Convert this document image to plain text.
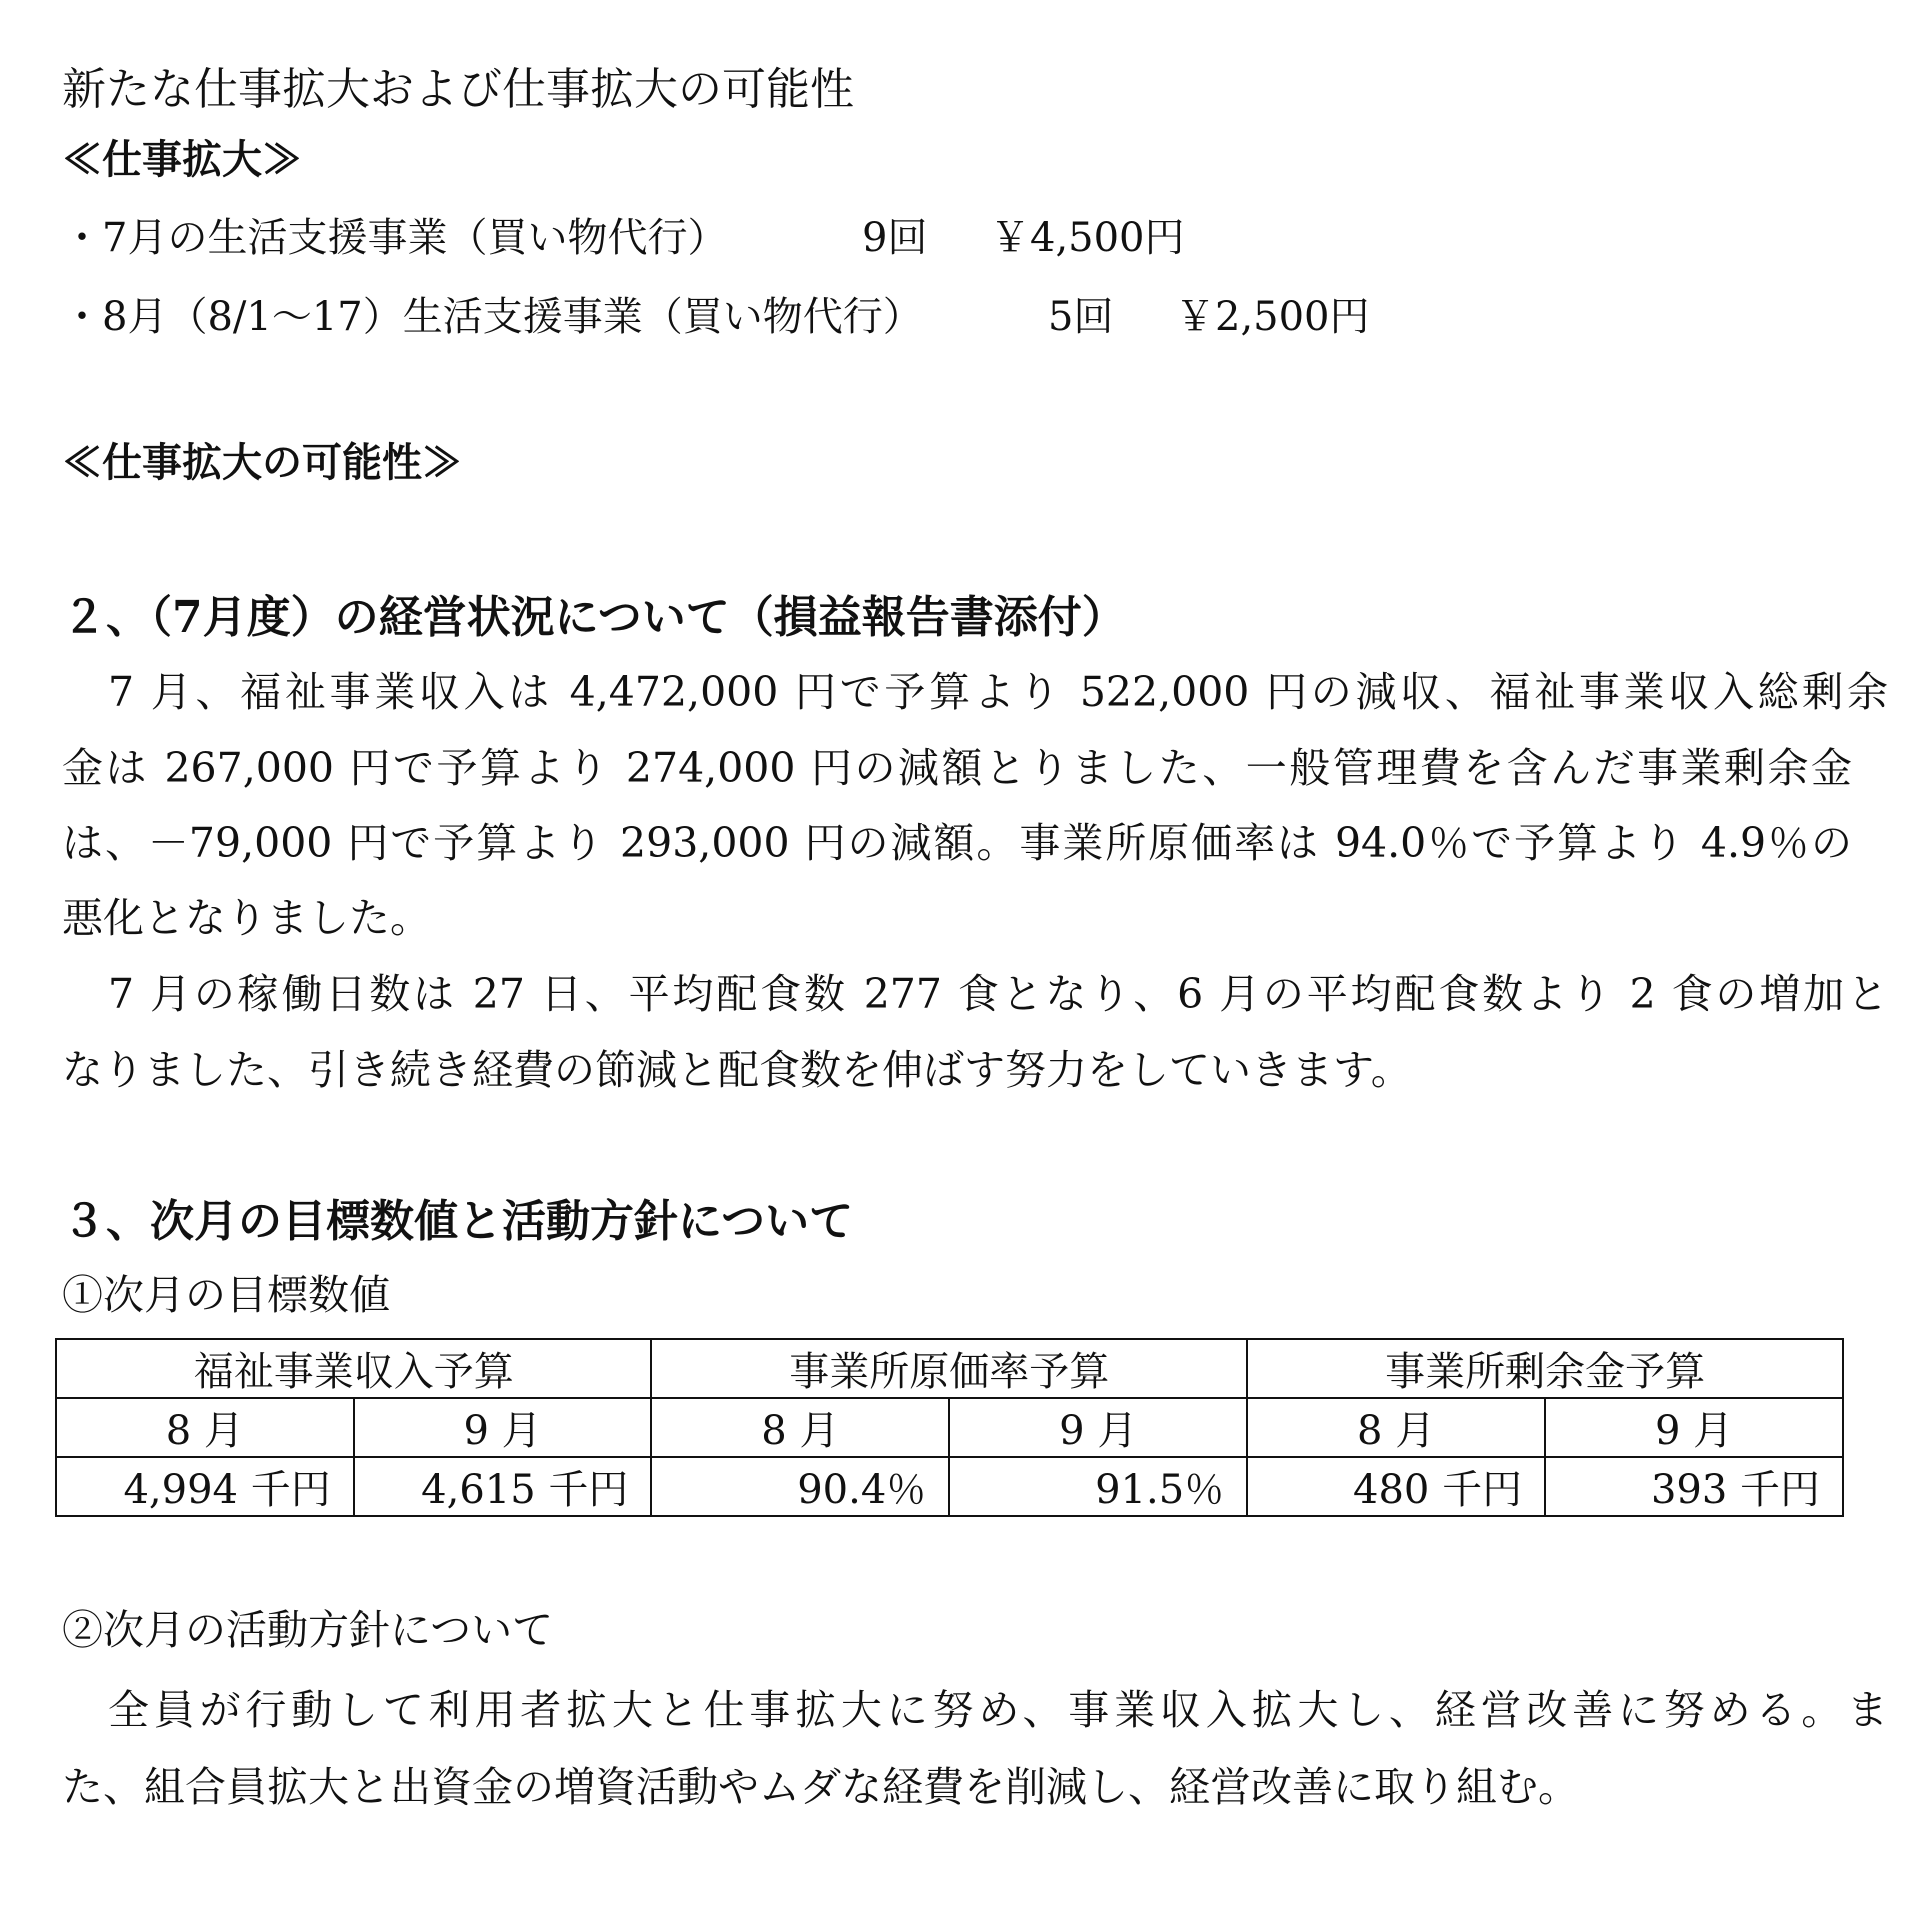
新たな仕事拡大および仕事拡大の可能性
≪仕事拡大≫
・7月の生活支援事業（買い物代行）	9回 ￥4,500円
・8月（8/1～17）生活支援事業（買い物代行）	5回 ￥2,500円
≪仕事拡大の可能性≫
２、（7月度）の経営状況について（損益報告書添付）
7 月、福祉事業収入は 4,472,000 円で予算より 522,000 円の減収、福祉事業収入総剰余
金は 267,000 円で予算より 274,000 円の減額とりました、一般管理費を含んだ事業剰余金
は、－79,000 円で予算より 293,000 円の減額。事業所原価率は 94.0％で予算より 4.9％の
悪化となりました。
7 月の稼働日数は 27 日、平均配食数 277 食となり、6 月の平均配食数より 2 食の増加と
なりました、引き続き経費の節減と配食数を伸ばす努力をしていきます。
３、次月の目標数値と活動方針について
①次月の目標数値
福祉事業収入予算		事業所原価率予算		事業所剰余金予算	
8 月	9 月	8 月	9 月	8 月	9 月
4,994 千円	4,615 千円	90.4％	91.5％	480 千円	393 千円
②次月の活動方針について
全員が行動して利用者拡大と仕事拡大に努め、事業収入拡大し、経営改善に努める。ま
た、組合員拡大と出資金の増資活動やムダな経費を削減し、経営改善に取り組む。
